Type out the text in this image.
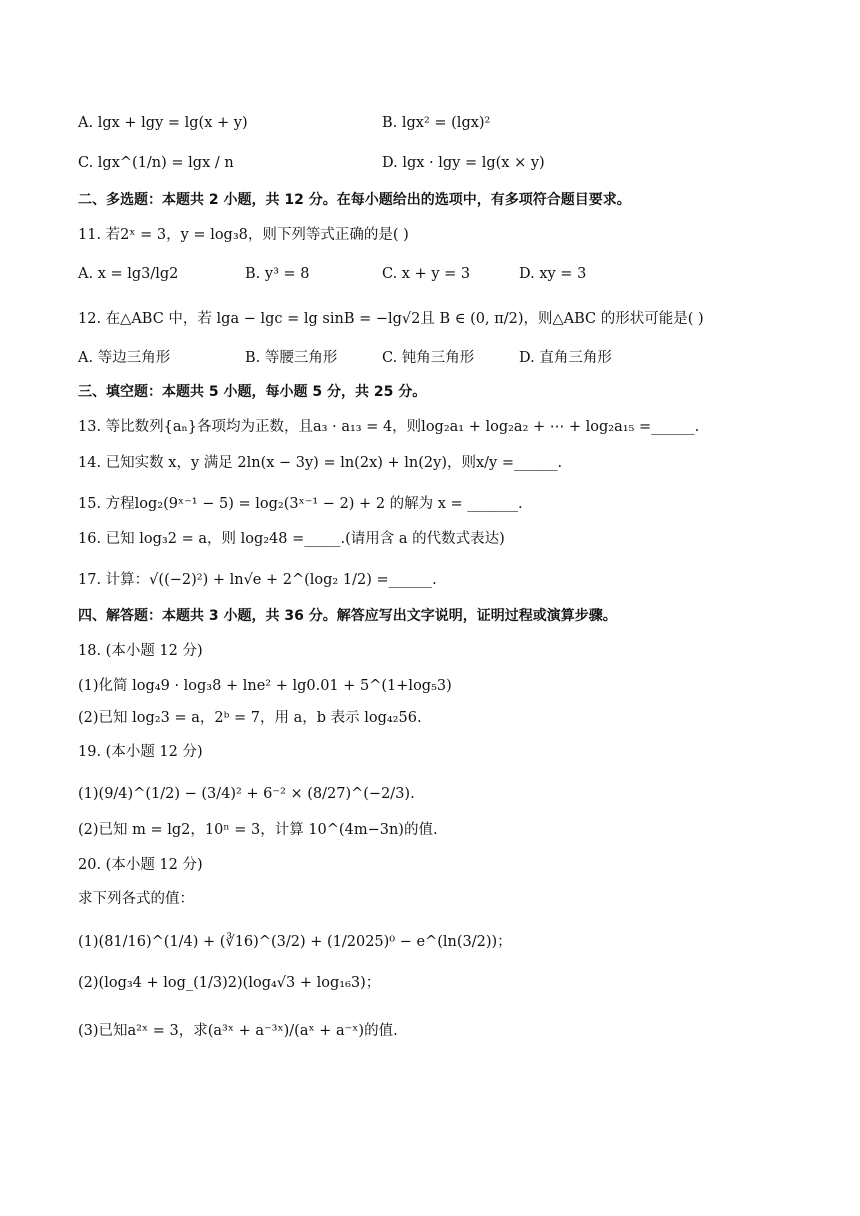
A. lgx + lgy = lg(x + y)	B. lgx² = (lgx)²
C. lgx^(1/n) = lgx / n	D. lgx · lgy = lg(x × y)
二、多选题：本题共 2 小题，共 12 分。在每小题给出的选项中，有多项符合题目要求。
11. 若2ˣ = 3，y = log₃8，则下列等式正确的是( )
A. x = lg3/lg2	B. y³ = 8	C. x + y = 3	D. xy = 3
12. 在△ABC 中，若 lga − lgc = lg sinB = −lg√2且 B ∈ (0, π/2)，则△ABC 的形状可能是( )
A. 等边三角形	B. 等腰三角形	C. 钝角三角形	D. 直角三角形
三、填空题：本题共 5 小题，每小题 5 分，共 25 分。
13. 等比数列{aₙ}各项均为正数，且a₃ · a₁₃ = 4，则log₂a₁ + log₂a₂ + ⋯ + log₂a₁₅ =______.
14. 已知实数 x，y 满足 2ln(x − 3y) = ln(2x) + ln(2y)，则x/y =______.
15. 方程log₂(9ˣ⁻¹ − 5) = log₂(3ˣ⁻¹ − 2) + 2 的解为 x = _______.
16. 已知 log₃2 = a，则 log₂48 =_____.(请用含 a 的代数式表达)
17. 计算：√((−2)²) + ln√e + 2^(log₂ 1/2) =______.
四、解答题：本题共 3 小题，共 36 分。解答应写出文字说明，证明过程或演算步骤。
18. (本小题 12 分)
(1)化简 log₄9 · log₃8 + lne² + lg0.01 + 5^(1+log₅3)
(2)已知 log₂3 = a，2ᵇ = 7，用 a，b 表示 log₄₂56.
19. (本小题 12 分)
(1)(9/4)^(1/2) − (3/4)² + 6⁻² × (8/27)^(−2/3).
(2)已知 m = lg2，10ⁿ = 3，计算 10^(4m−3n)的值.
20. (本小题 12 分)
求下列各式的值：
(1)(81/16)^(1/4) + (∛16)^(3/2) + (1/2025)⁰ − e^(ln(3/2))；
(2)(log₃4 + log_(1/3)2)(log₄√3 + log₁₆3)；
(3)已知a²ˣ = 3，求(a³ˣ + a⁻³ˣ)/(aˣ + a⁻ˣ)的值.
